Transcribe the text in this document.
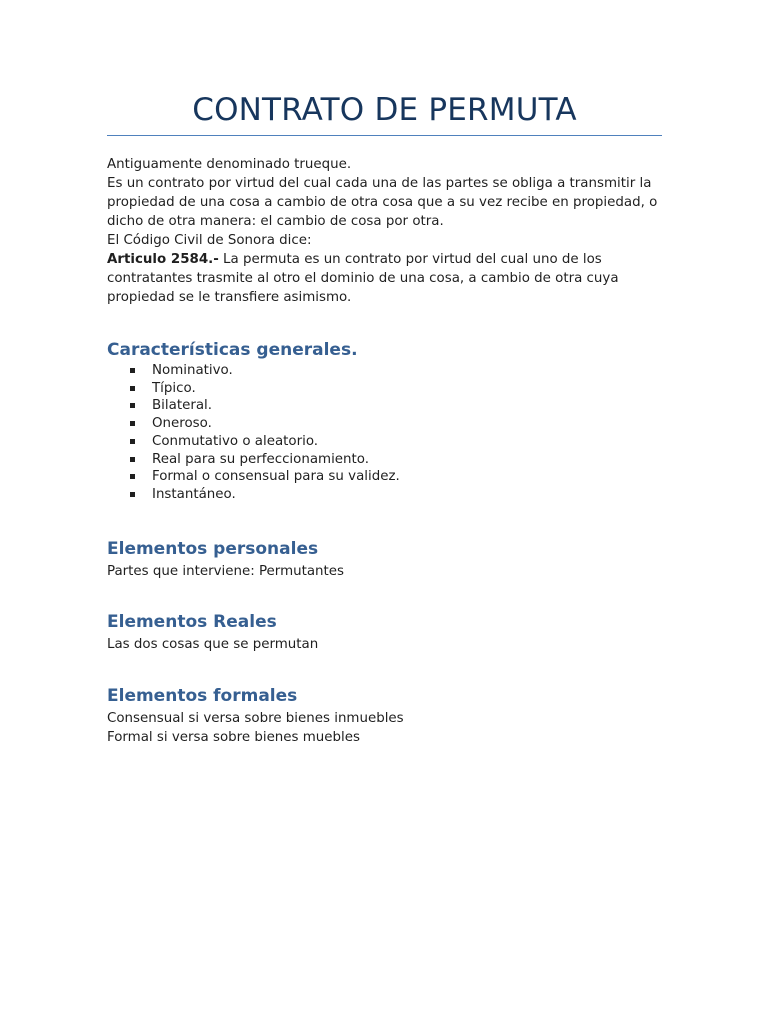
CONTRATO DE PERMUTA

Antiguamente denominado trueque.

Es un contrato por virtud del cual cada una de las partes se obliga a transmitir la propiedad de una cosa a cambio de otra cosa que a su vez recibe en propiedad, o dicho de otra manera: el cambio de cosa por otra.

El Código Civil de Sonora dice:

Articulo 2584.- La permuta es un contrato por virtud del cual uno de los contratantes trasmite al otro el dominio de una cosa, a cambio de otra cuya propiedad se le transfiere asimismo.

Características generales.
Nominativo.
Típico.
Bilateral.
Oneroso.
Conmutativo o aleatorio.
Real para su perfeccionamiento.
Formal o consensual para su validez.
Instantáneo.
Elementos personales

Partes que interviene: Permutantes

Elementos Reales

Las dos cosas que se permutan

Elementos formales

Consensual si versa sobre bienes inmuebles

Formal si versa sobre bienes muebles
